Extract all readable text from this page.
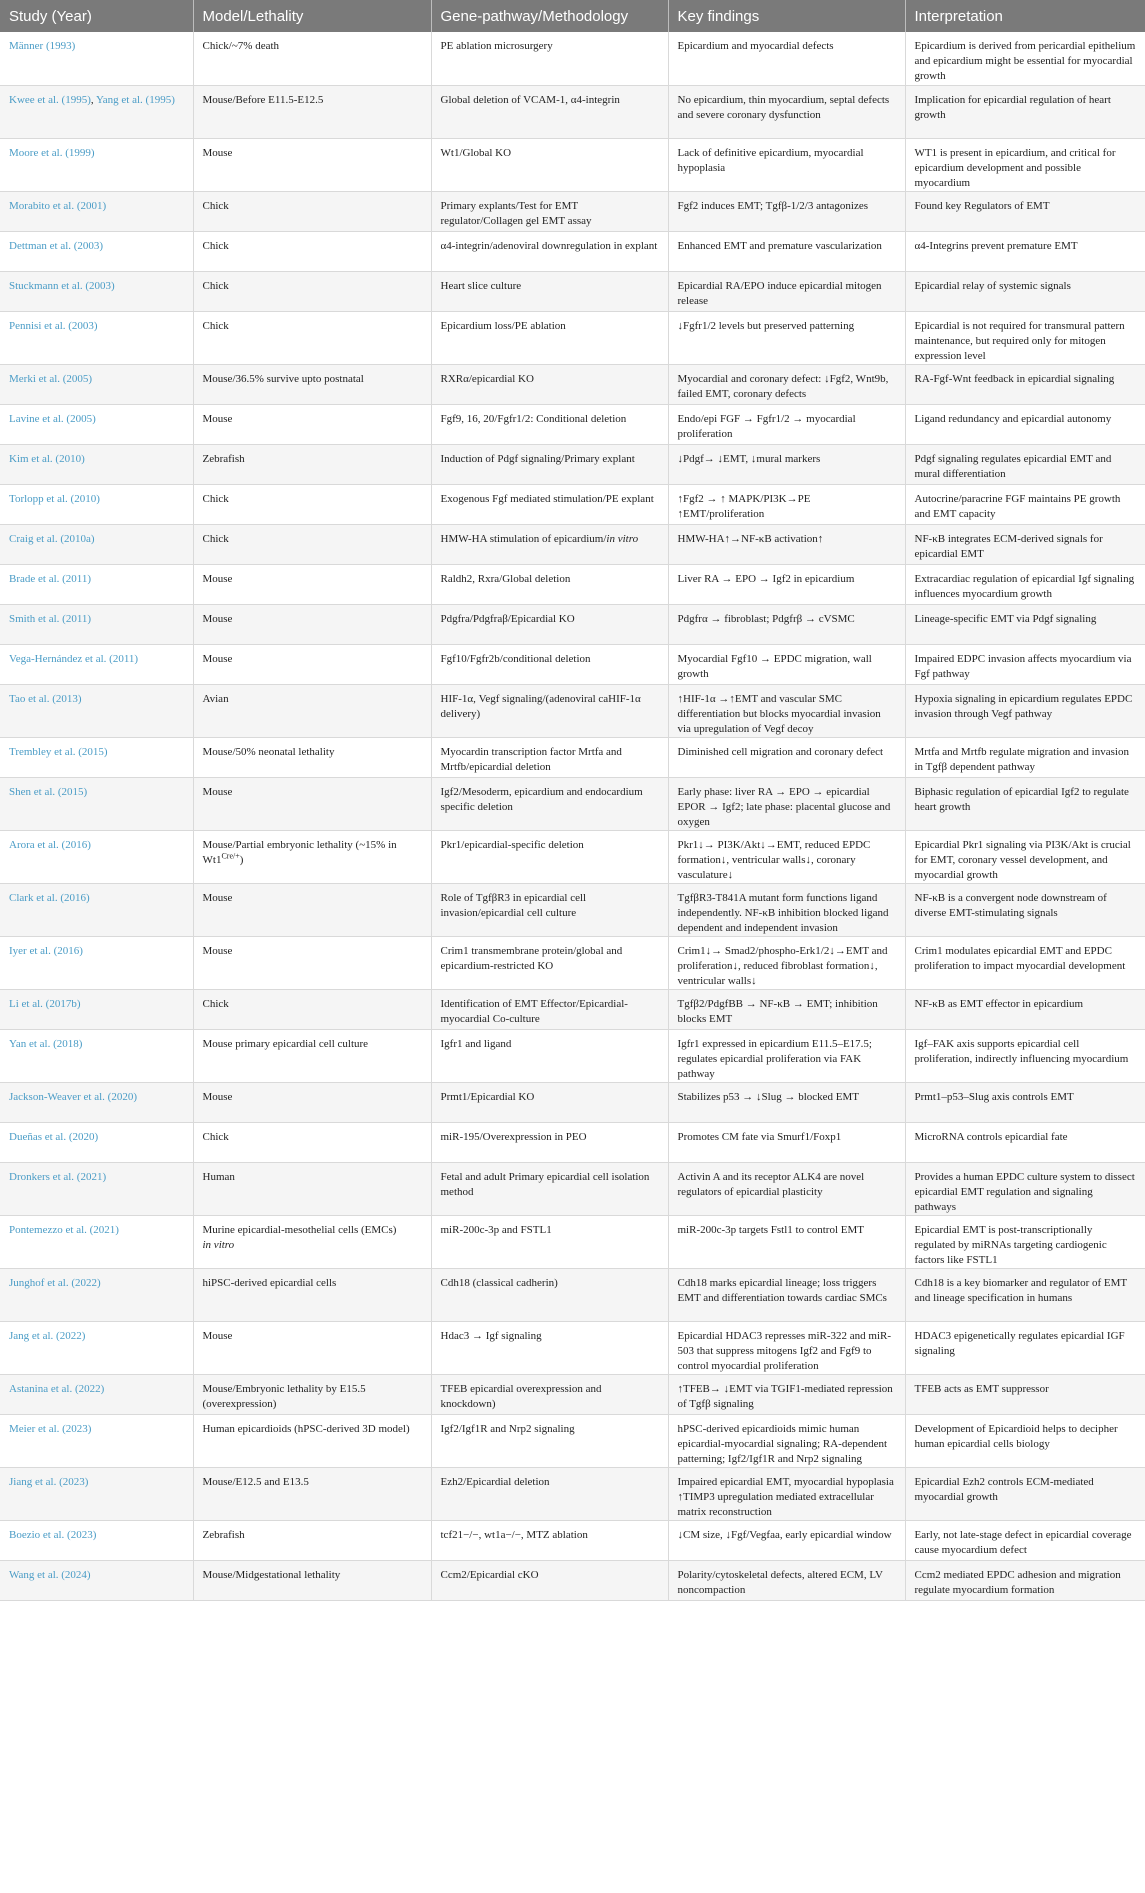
Study (Year)	Model/Lethality	Gene-pathway/Methodology	Key findings	Interpretation

Männer (1993)	Chick/~7% death	PE ablation microsurgery	Epicardium and myocardial defects	Epicardium is derived from pericardial epithelium and epicardium might be essential for myocardial growth

Kwee et al. (1995), Yang et al. (1995)	Mouse/Before E11.5-E12.5	Global deletion of VCAM-1, α4-integrin	No epicardium, thin myocardium, septal defects and severe coronary dysfunction	Implication for epicardial regulation of heart growth

Moore et al. (1999)	Mouse	Wt1/Global KO	Lack of definitive epicardium, myocardial hypoplasia	WT1 is present in epicardium, and critical for epicardium development and possible myocardium

Morabito et al. (2001)	Chick	Primary explants/Test for EMT regulator/Collagen gel EMT assay	Fgf2 induces EMT; Tgfβ-1/2/3 antagonizes	Found key Regulators of EMT

Dettman et al. (2003)	Chick	α4-integrin/adenoviral downregulation in explant	Enhanced EMT and premature vascularization	α4-Integrins prevent premature EMT

Stuckmann et al. (2003)	Chick	Heart slice culture	Epicardial RA/EPO induce epicardial mitogen release	Epicardial relay of systemic signals

Pennisi et al. (2003)	Chick	Epicardium loss/PE ablation	↓Fgfr1/2 levels but preserved patterning	Epicardial is not required for transmural pattern maintenance, but required only for mitogen expression level

Merki et al. (2005)	Mouse/36.5% survive upto postnatal	RXRα/epicardial KO	Myocardial and coronary defect: ↓Fgf2, Wnt9b, failed EMT, coronary defects	RA-Fgf-Wnt feedback in epicardial signaling

Lavine et al. (2005)	Mouse	Fgf9, 16, 20/Fgfr1/2: Conditional deletion	Endo/epi FGF → Fgfr1/2 → myocardial proliferation	Ligand redundancy and epicardial autonomy

Kim et al. (2010)	Zebrafish	Induction of Pdgf signaling/Primary explant	↓Pdgf→ ↓EMT, ↓mural markers	Pdgf signaling regulates epicardial EMT and mural differentiation

Torlopp et al. (2010)	Chick	Exogenous Fgf mediated stimulation/PE explant	↑Fgf2 → ↑ MAPK/PI3K→PE ↑EMT/proliferation	Autocrine/paracrine FGF maintains PE growth and EMT capacity

Craig et al. (2010a)	Chick	HMW-HA stimulation of epicardium/in vitro	HMW-HA↑→NF-κB activation↑	NF-κB integrates ECM-derived signals for epicardial EMT

Brade et al. (2011)	Mouse	Raldh2, Rxra/Global deletion	Liver RA → EPO → Igf2 in epicardium	Extracardiac regulation of epicardial Igf signaling influences myocardium growth

Smith et al. (2011)	Mouse	Pdgfra/Pdgfraβ/Epicardial KO	Pdgfrα → fibroblast; Pdgfrβ → cVSMC	Lineage-specific EMT via Pdgf signaling

Vega-Hernández et al. (2011)	Mouse	Fgf10/Fgfr2b/conditional deletion	Myocardial Fgf10 → EPDC migration, wall growth	Impaired EDPC invasion affects myocardium via Fgf pathway

Tao et al. (2013)	Avian	HIF-1α, Vegf signaling/(adenoviral caHIF-1α delivery)	↑HIF-1α →↑EMT and vascular SMC differentiation but blocks myocardial invasion via upregulation of Vegf decoy	Hypoxia signaling in epicardium regulates EPDC invasion through Vegf pathway

Trembley et al. (2015)	Mouse/50% neonatal lethality	Myocardin transcription factor Mrtfa and Mrtfb/epicardial deletion	Diminished cell migration and coronary defect	Mrtfa and Mrtfb regulate migration and invasion in Tgfβ dependent pathway

Shen et al. (2015)	Mouse	Igf2/Mesoderm, epicardium and endocardium specific deletion	Early phase: liver RA → EPO → epicardial EPOR → Igf2; late phase: placental glucose and oxygen	Biphasic regulation of epicardial Igf2 to regulate heart growth

Arora et al. (2016)	Mouse/Partial embryonic lethality (~15% in $Wt1^{Cre/+}$)	Pkr1/epicardial-specific deletion	Pkr1↓→ PI3K/Akt↓→EMT, reduced EPDC formation↓, ventricular walls↓, coronary vasculature↓	Epicardial Pkr1 signaling via PI3K/Akt is crucial for EMT, coronary vessel development, and myocardial growth

Clark et al. (2016)	Mouse	Role of TgfβR3 in epicardial cell invasion/epicardial cell culture	TgfβR3-T841A mutant form functions ligand independently. NF-κB inhibition blocked ligand dependent and independent invasion	NF-κB is a convergent node downstream of diverse EMT-stimulating signals

Iyer et al. (2016)	Mouse	Crim1 transmembrane protein/global and epicardium-restricted KO	Crim1↓→ Smad2/phospho-Erk1/2↓→EMT and proliferation↓, reduced fibroblast formation↓, ventricular walls↓	Crim1 modulates epicardial EMT and EPDC proliferation to impact myocardial development

Li et al. (2017b)	Chick	Identification of EMT Effector/Epicardial-myocardial Co-culture	Tgfβ2/PdgfBB → NF-κB → EMT; inhibition blocks EMT	NF-κB as EMT effector in epicardium

Yan et al. (2018)	Mouse primary epicardial cell culture	Igfr1 and ligand	Igfr1 expressed in epicardium E11.5–E17.5; regulates epicardial proliferation via FAK pathway	Igf–FAK axis supports epicardial cell proliferation, indirectly influencing myocardium

Jackson-Weaver et al. (2020)	Mouse	Prmt1/Epicardial KO	Stabilizes p53 → ↓Slug → blocked EMT	Prmt1–p53–Slug axis controls EMT

Dueñas et al. (2020)	Chick	miR-195/Overexpression in PEO	Promotes CM fate via Smurf1/Foxp1	MicroRNA controls epicardial fate

Dronkers et al. (2021)	Human	Fetal and adult Primary epicardial cell isolation method	Activin A and its receptor ALK4 are novel regulators of epicardial plasticity	Provides a human EPDC culture system to dissect epicardial EMT regulation and signaling pathways

Pontemezzo et al. (2021)	Murine epicardial-mesothelial cells (EMCs)
in vitro	miR-200c-3p and FSTL1	miR-200c-3p targets Fstl1 to control EMT	Epicardial EMT is post-transcriptionally regulated by miRNAs targeting cardiogenic factors like FSTL1

Junghof et al. (2022)	hiPSC-derived epicardial cells	Cdh18 (classical cadherin)	Cdh18 marks epicardial lineage; loss triggers EMT and differentiation towards cardiac SMCs	Cdh18 is a key biomarker and regulator of EMT and lineage specification in humans

Jang et al. (2022)	Mouse	Hdac3 → Igf signaling	Epicardial HDAC3 represses miR-322 and miR-503 that suppress mitogens Igf2 and Fgf9 to control myocardial proliferation	HDAC3 epigenetically regulates epicardial IGF signaling

Astanina et al. (2022)	Mouse/Embryonic lethality by E15.5 (overexpression)	TFEB epicardial overexpression and knockdown)	↑TFEB→ ↓EMT via TGIF1-mediated repression of Tgfβ signaling	TFEB acts as EMT suppressor

Meier et al. (2023)	Human epicardioids (hPSC-derived 3D model)	Igf2/Igf1R and Nrp2 signaling	hPSC-derived epicardioids mimic human epicardial-myocardial signaling; RA-dependent patterning; Igf2/Igf1R and Nrp2 signaling	Development of Epicardioid helps to decipher human epicardial cells biology

Jiang et al. (2023)	Mouse/E12.5 and E13.5	Ezh2/Epicardial deletion	Impaired epicardial EMT, myocardial hypoplasia ↑TIMP3 upregulation mediated extracellular matrix reconstruction	Epicardial Ezh2 controls ECM-mediated myocardial growth

Boezio et al. (2023)	Zebrafish	tcf21−/−, wt1a−/−, MTZ ablation	↓CM size, ↓Fgf/Vegfaa, early epicardial window	Early, not late-stage defect in epicardial coverage cause myocardium defect

Wang et al. (2024)	Mouse/Midgestational lethality	Ccm2/Epicardial cKO	Polarity/cytoskeletal defects, altered ECM, LV noncompaction	Ccm2 mediated EPDC adhesion and migration regulate myocardium formation
